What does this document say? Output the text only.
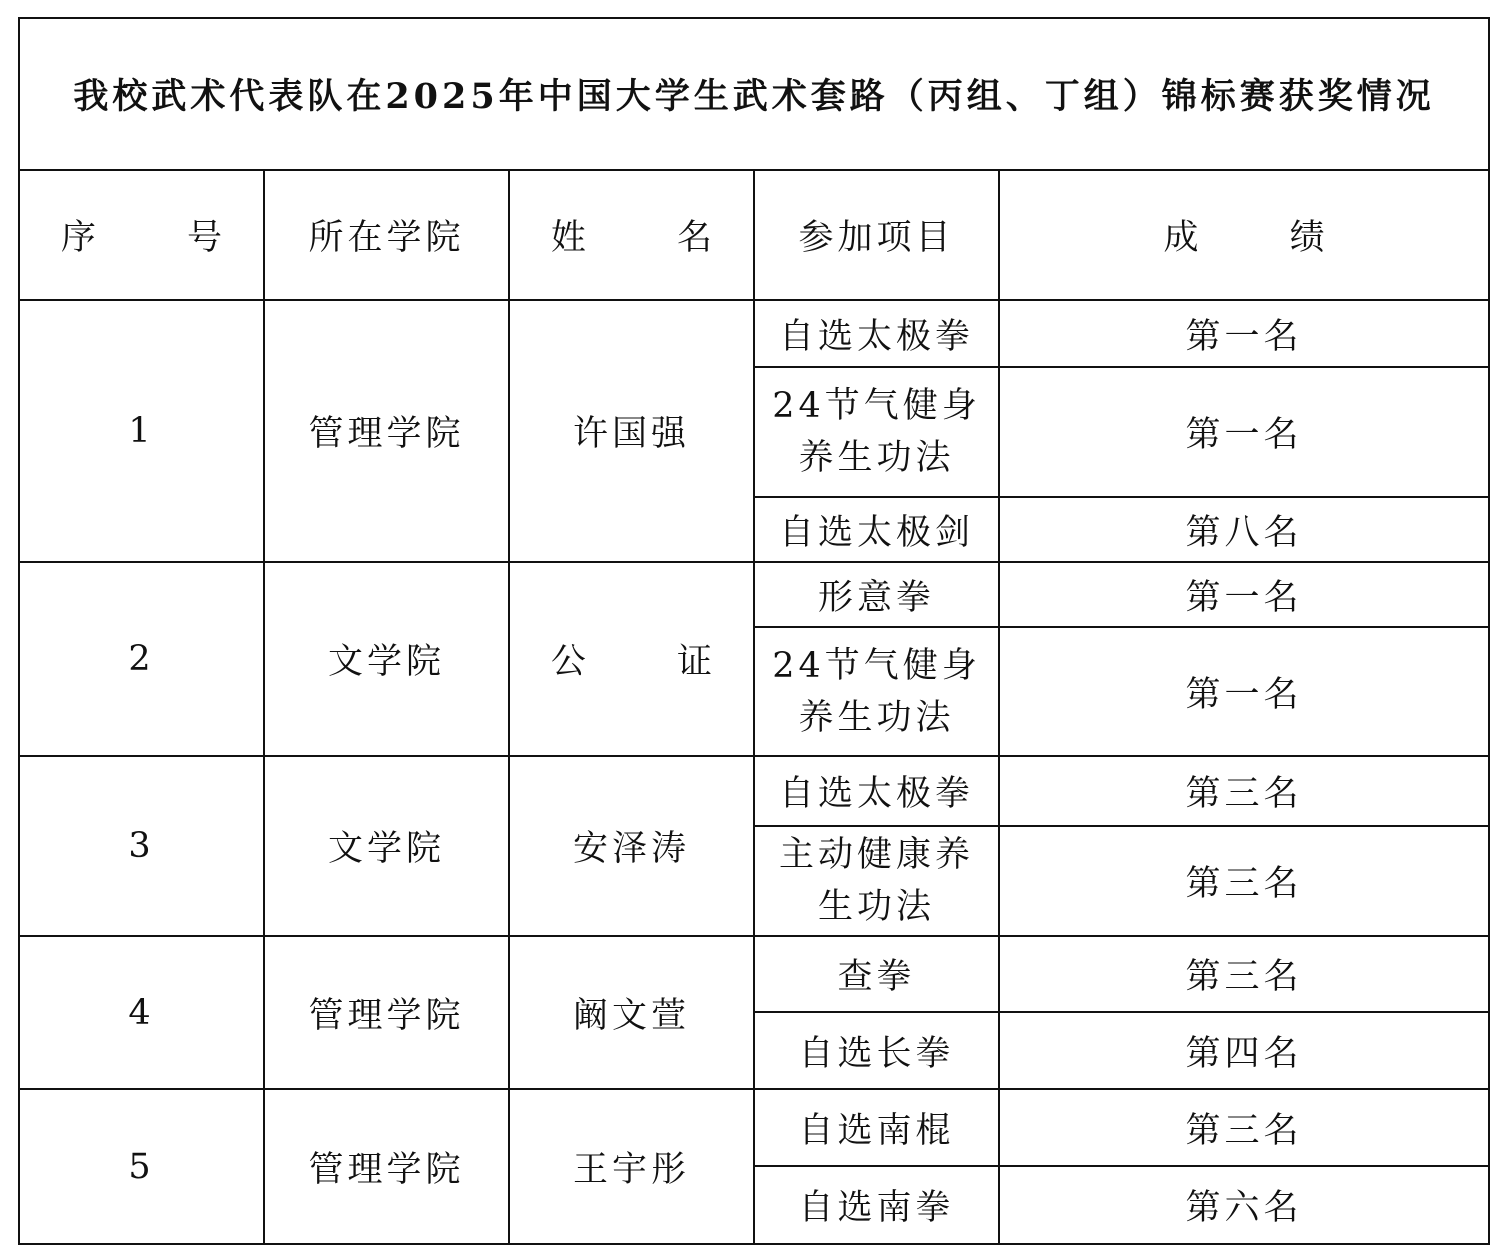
我校武术代表队在2025年中国大学生武术套路（丙组、丁组）锦标赛获奖情况				
序 号	所在学院	姓 名	参加项目	成 绩
1	管理学院	许国强	自选太极拳	第一名
			24节气健身养生功法	第一名
			自选太极剑	第八名
2	文学院	公 证	形意拳	第一名
			24节气健身养生功法	第一名
3	文学院	安泽涛	自选太极拳	第三名
			主动健康养生功法	第三名
4	管理学院	阚文萱	查拳	第三名
			自选长拳	第四名
5	管理学院	王宇彤	自选南棍	第三名
			自选南拳	第六名
